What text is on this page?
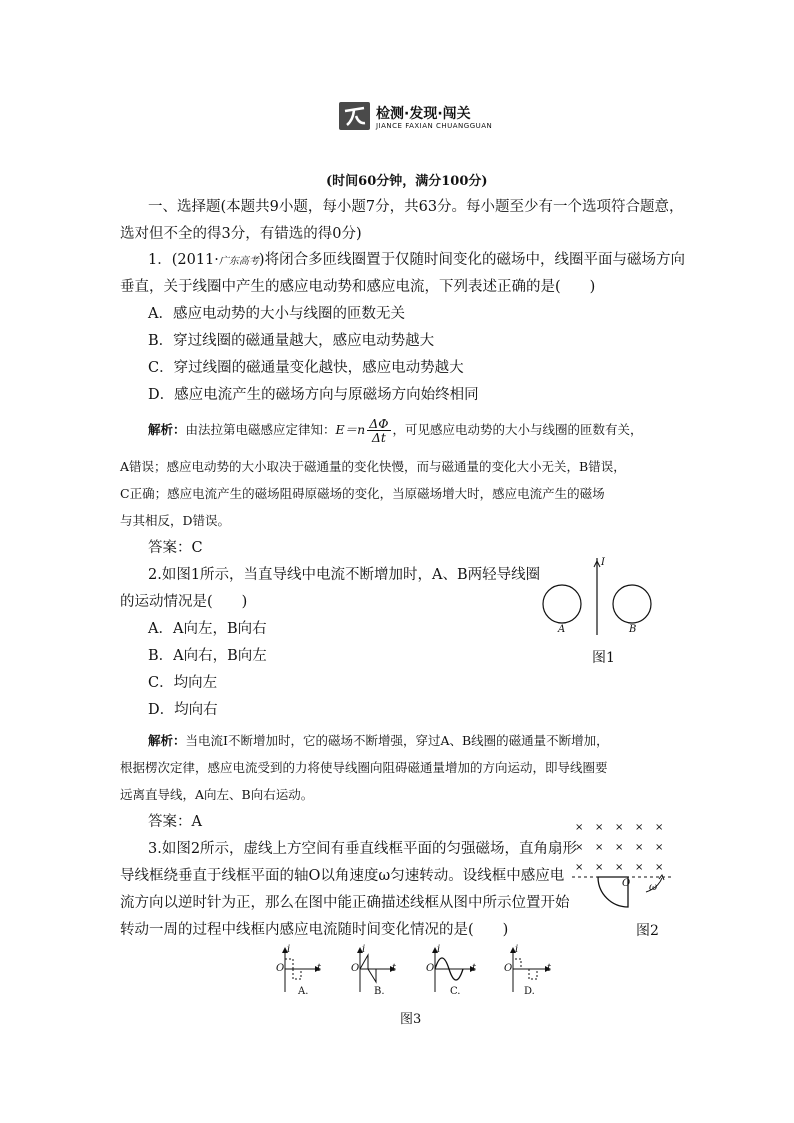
检测·发现·闯关
JIANCE FAXIAN CHUANGGUAN
(时间60分钟，满分100分)
一、选择题(本题共9小题，每小题7分，共63分。每小题至少有一个选项符合题意，
选对但不全的得3分，有错选的得0分)
1．(2011·广东高考)将闭合多匝线圈置于仅随时间变化的磁场中，线圈平面与磁场方向
垂直，关于线圈中产生的感应电动势和感应电流，下列表述正确的是(　　)
A．感应电动势的大小与线圈的匝数无关
B．穿过线圈的磁通量越大，感应电动势越大
C．穿过线圈的磁通量变化越快，感应电动势越大
D．感应电流产生的磁场方向与原磁场方向始终相同
解析：由法拉第电磁感应定律知：$E=n \frac{\Delta\Phi}{\Delta t}$ ，可见感应电动势的大小与线圈的匝数有关，
A错误；感应电动势的大小取决于磁通量的变化快慢，而与磁通量的变化大小无关，B错误，
C正确；感应电流产生的磁场阻碍原磁场的变化，当原磁场增大时，感应电流产生的磁场
与其相反，D错误。
答案：C
2.如图1所示，当直导线中电流不断增加时，A、B两轻导线圈
的运动情况是(　　)
A．A向左，B向右
B．A向右，B向左
C．均向左
D．均向右
I
A	B
图1
解析：当电流I不断增加时，它的磁场不断增强，穿过A、B线圈的磁通量不断增加，
根据楞次定律，感应电流受到的力将使导线圈向阻碍磁通量增加的方向运动，即导线圈要
远离直导线，A向左、B向右运动。
答案：A
3.如图2所示，虚线上方空间有垂直线框平面的匀强磁场，直角扇形
导线框绕垂直于线框平面的轴O以角速度ω匀速转动。设线框中感应电
流方向以逆时针为正，那么在图中能正确描述线框从图中所示位置开始
转动一周的过程中线框内感应电流随时间变化情况的是(　　)
× × × × ×
× × × × ×
× × × × ×
O ω
图2
i
O	t
A.
i
O	t
B.
i
O	t
C.
i
O	t
D.
图3
